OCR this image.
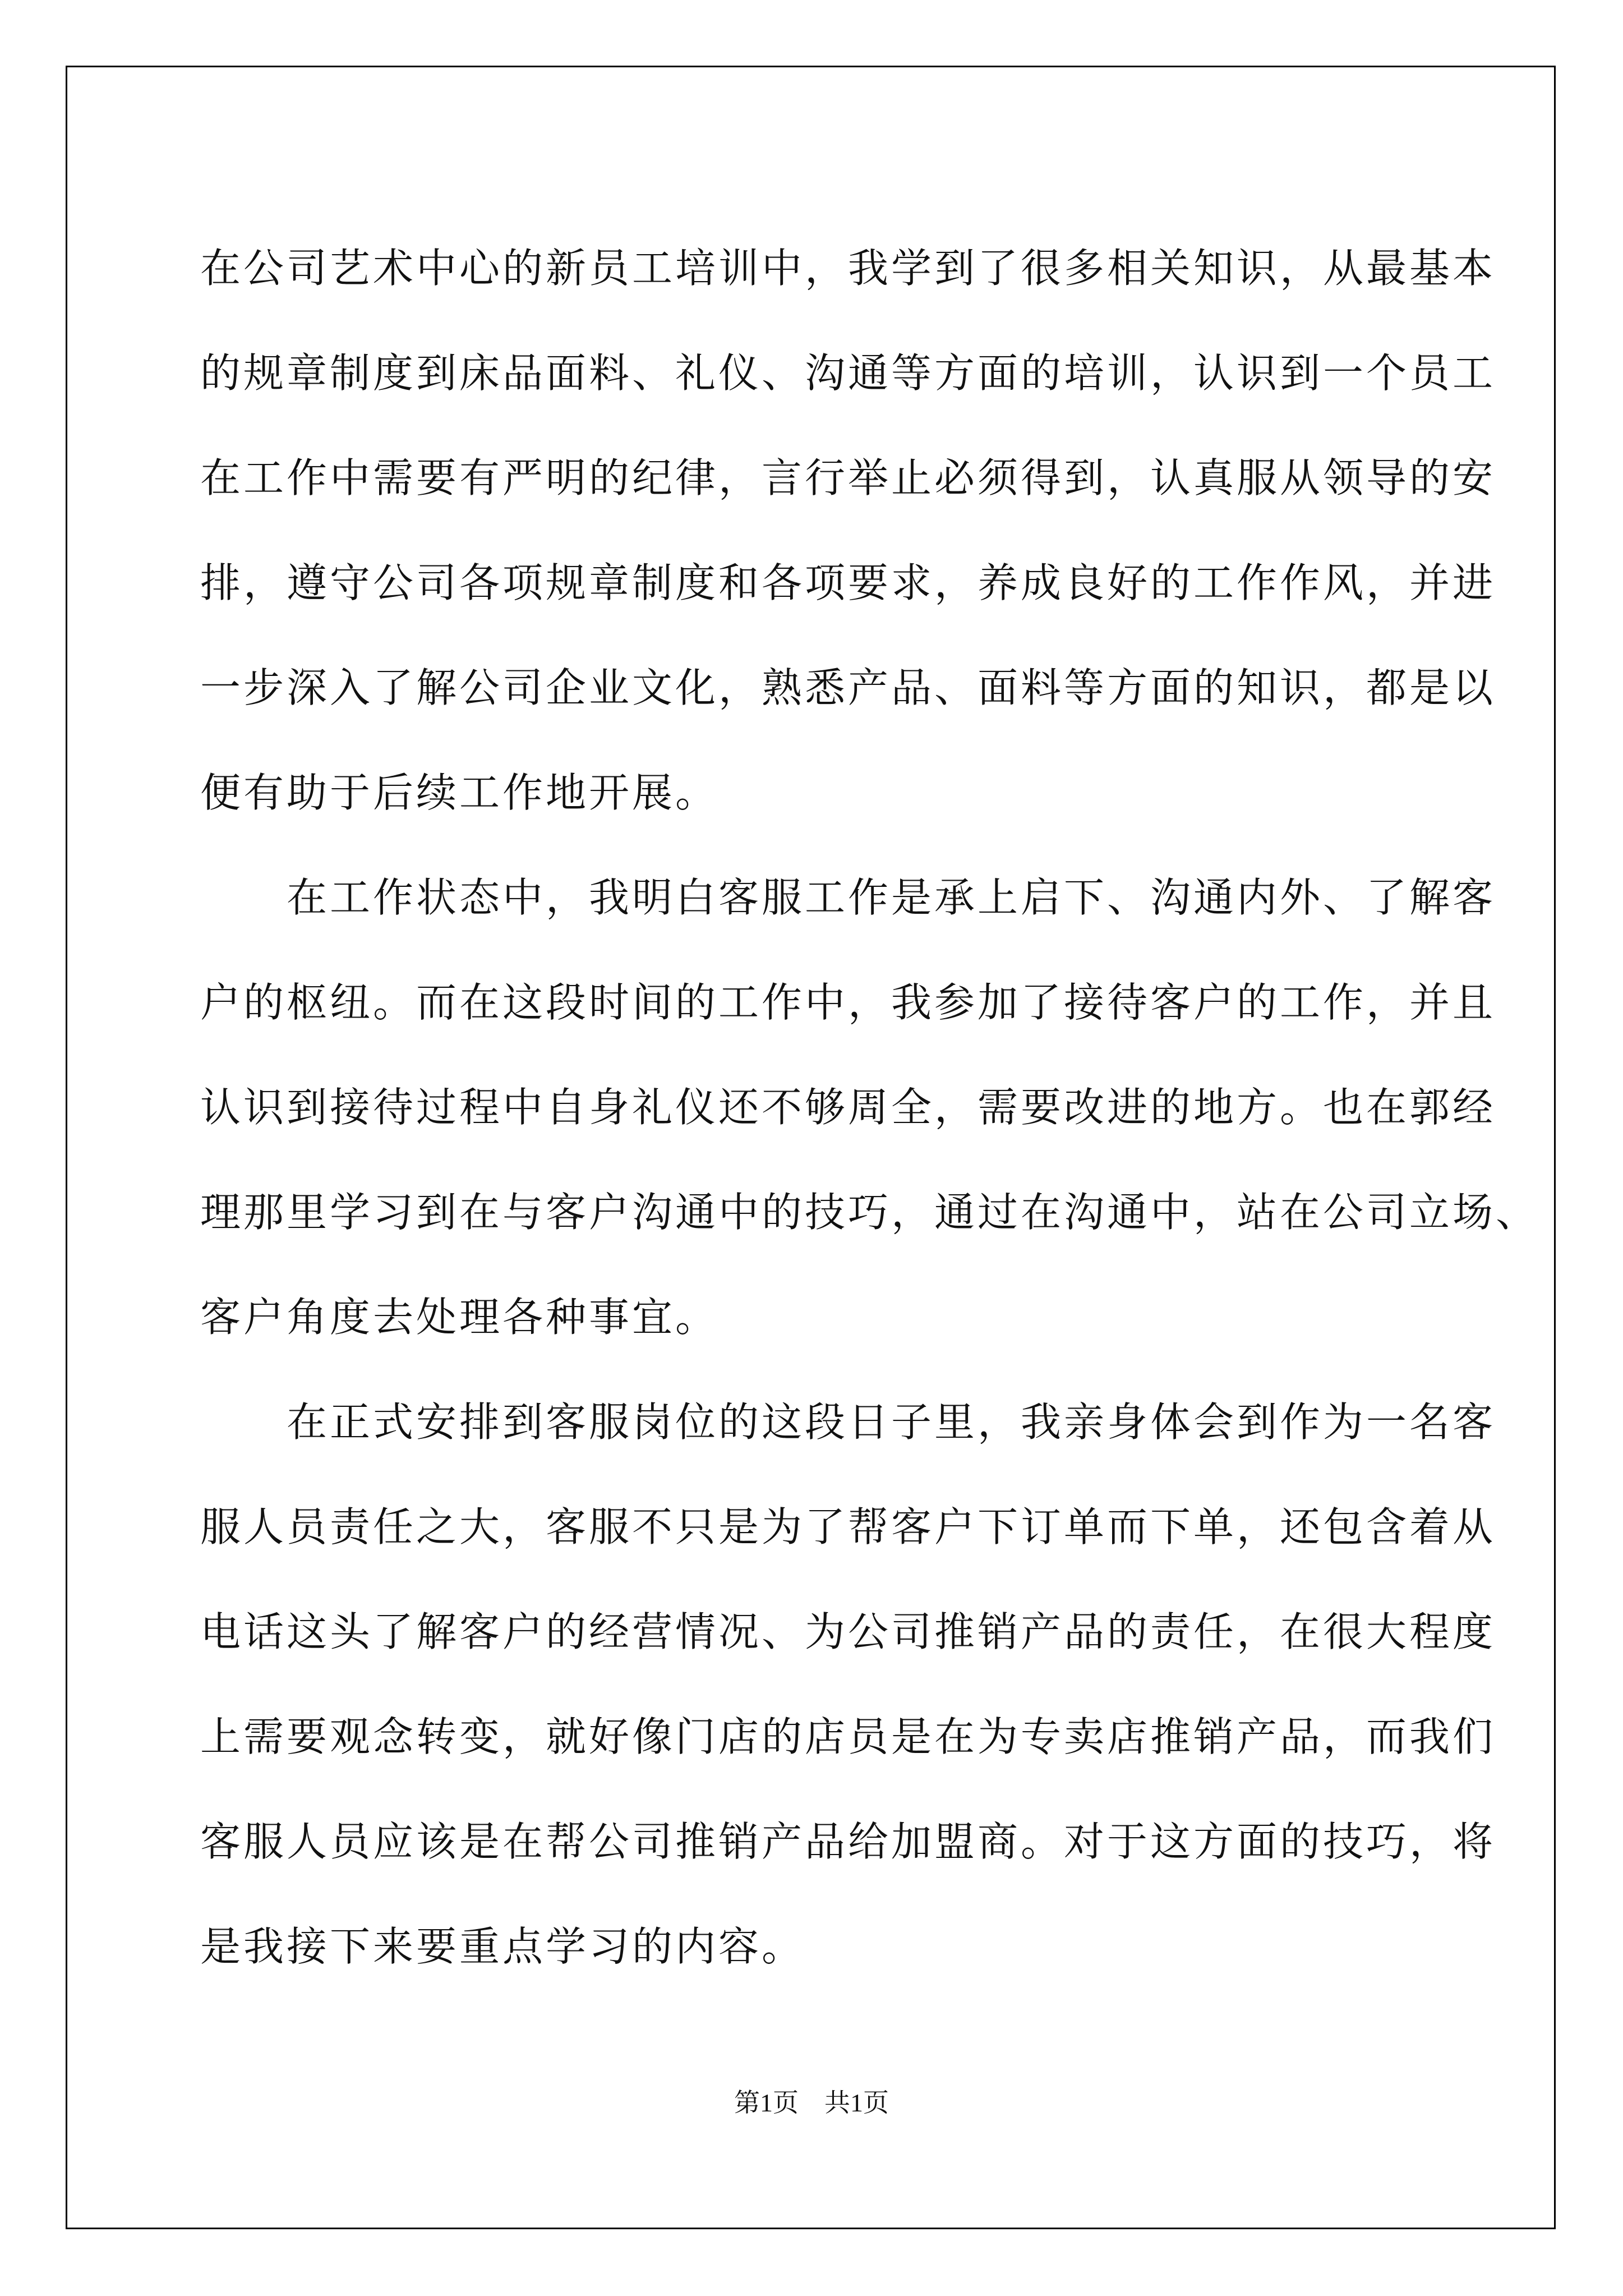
在公司艺术中心的新员工培训中，我学到了很多相关知识，从最基本
的规章制度到床品面料、礼仪、沟通等方面的培训，认识到一个员工
在工作中需要有严明的纪律，言行举止必须得到，认真服从领导的安
排，遵守公司各项规章制度和各项要求，养成良好的工作作风，并进
一步深入了解公司企业文化，熟悉产品、面料等方面的知识，都是以
便有助于后续工作地开展。
　　在工作状态中，我明白客服工作是承上启下、沟通内外、了解客
户的枢纽。而在这段时间的工作中，我参加了接待客户的工作，并且
认识到接待过程中自身礼仪还不够周全，需要改进的地方。也在郭经
理那里学习到在与客户沟通中的技巧，通过在沟通中，站在公司立场、
客户角度去处理各种事宜。
　　在正式安排到客服岗位的这段日子里，我亲身体会到作为一名客
服人员责任之大，客服不只是为了帮客户下订单而下单，还包含着从
电话这头了解客户的经营情况、为公司推销产品的责任，在很大程度
上需要观念转变，就好像门店的店员是在为专卖店推销产品，而我们
客服人员应该是在帮公司推销产品给加盟商。对于这方面的技巧，将
是我接下来要重点学习的内容。
第1页　共1页
